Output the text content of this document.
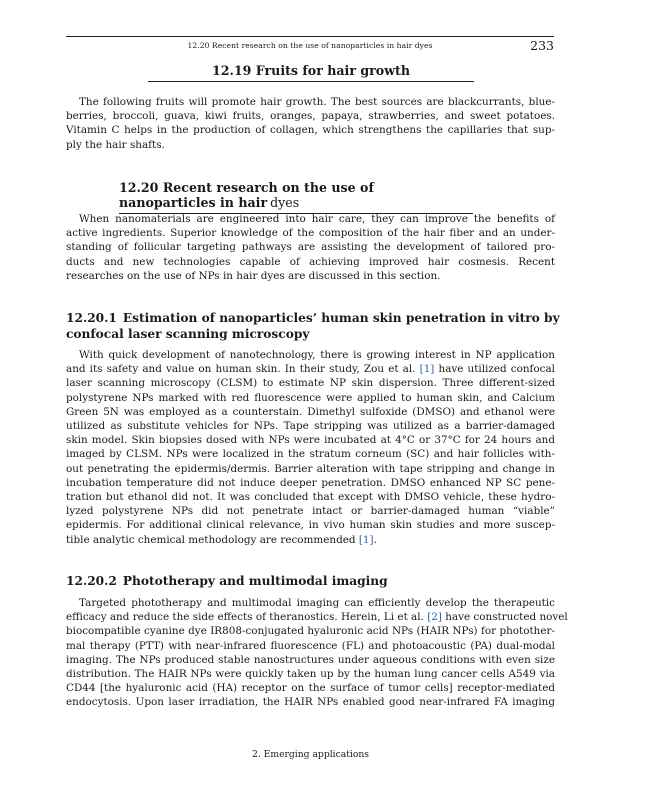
12.20 Recent research on the use of nanoparticles in hair dyes	233
12.19 Fruits for hair growth
The following fruits will promote hair growth. The best sources are blackcurrants, blue-
berries, broccoli, guava, kiwi fruits, oranges, papaya, strawberries, and sweet potatoes.
Vitamin C helps in the production of collagen, which strengthens the capillaries that sup-
ply the hair shafts.
12.20 Recent research on the use of nanoparticles in hair dyes
When nanomaterials are engineered into hair care, they can improve the benefits of
active ingredients. Superior knowledge of the composition of the hair fiber and an under-
standing of follicular targeting pathways are assisting the development of tailored pro-
ducts and new technologies capable of achieving improved hair cosmesis. Recent
researches on the use of NPs in hair dyes are discussed in this section.
12.20.1 Estimation of nanoparticles’ human skin penetration in vitro by
confocal laser scanning microscopy
With quick development of nanotechnology, there is growing interest in NP application
and its safety and value on human skin. In their study, Zou et al. [1] have utilized confocal
laser scanning microscopy (CLSM) to estimate NP skin dispersion. Three different-sized
polystyrene NPs marked with red fluorescence were applied to human skin, and Calcium
Green 5N was employed as a counterstain. Dimethyl sulfoxide (DMSO) and ethanol were
utilized as substitute vehicles for NPs. Tape stripping was utilized as a barrier-damaged
skin model. Skin biopsies dosed with NPs were incubated at 4°C or 37°C for 24 hours and
imaged by CLSM. NPs were localized in the stratum corneum (SC) and hair follicles with-
out penetrating the epidermis/dermis. Barrier alteration with tape stripping and change in
incubation temperature did not induce deeper penetration. DMSO enhanced NP SC pene-
tration but ethanol did not. It was concluded that except with DMSO vehicle, these hydro-
lyzed polystyrene NPs did not penetrate intact or barrier-damaged human “viable”
epidermis. For additional clinical relevance, in vivo human skin studies and more suscep-
tible analytic chemical methodology are recommended [1].
12.20.2 Phototherapy and multimodal imaging
Targeted phototherapy and multimodal imaging can efficiently develop the therapeutic
efficacy and reduce the side effects of theranostics. Herein, Li et al. [2] have constructed novel
biocompatible cyanine dye IR808-conjugated hyaluronic acid NPs (HAIR NPs) for photother-
mal therapy (PTT) with near-infrared fluorescence (FL) and photoacoustic (PA) dual-modal
imaging. The NPs produced stable nanostructures under aqueous conditions with even size
distribution. The HAIR NPs were quickly taken up by the human lung cancer cells A549 via
CD44 [the hyaluronic acid (HA) receptor on the surface of tumor cells] receptor-mediated
endocytosis. Upon laser irradiation, the HAIR NPs enabled good near-infrared FA imaging
2. Emerging applications
